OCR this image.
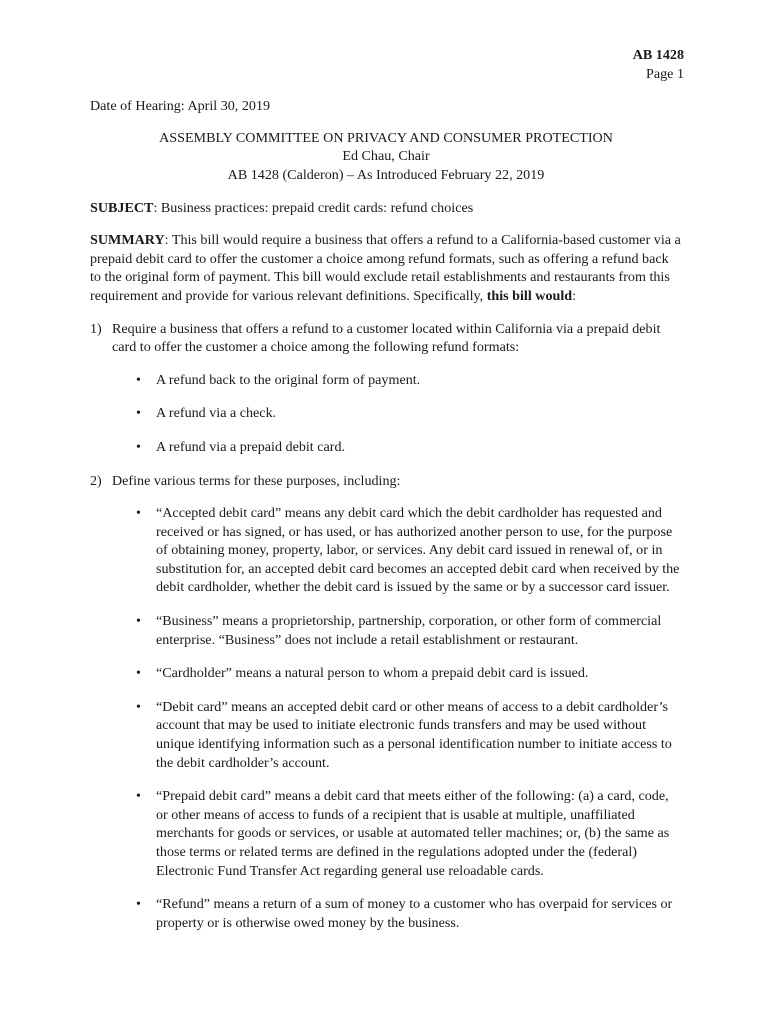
AB 1428
Page 1
Date of Hearing: April 30, 2019
ASSEMBLY COMMITTEE ON PRIVACY AND CONSUMER PROTECTION
Ed Chau, Chair
AB 1428 (Calderon) – As Introduced February 22, 2019
SUBJECT: Business practices: prepaid credit cards: refund choices
SUMMARY: This bill would require a business that offers a refund to a California-based customer via a prepaid debit card to offer the customer a choice among refund formats, such as offering a refund back to the original form of payment. This bill would exclude retail establishments and restaurants from this requirement and provide for various relevant definitions. Specifically, this bill would:
1) Require a business that offers a refund to a customer located within California via a prepaid debit card to offer the customer a choice among the following refund formats:
• A refund back to the original form of payment.
• A refund via a check.
• A refund via a prepaid debit card.
2) Define various terms for these purposes, including:
• “Accepted debit card” means any debit card which the debit cardholder has requested and received or has signed, or has used, or has authorized another person to use, for the purpose of obtaining money, property, labor, or services. Any debit card issued in renewal of, or in substitution for, an accepted debit card becomes an accepted debit card when received by the debit cardholder, whether the debit card is issued by the same or by a successor card issuer.
• “Business” means a proprietorship, partnership, corporation, or other form of commercial enterprise. “Business” does not include a retail establishment or restaurant.
• “Cardholder” means a natural person to whom a prepaid debit card is issued.
• “Debit card” means an accepted debit card or other means of access to a debit cardholder’s account that may be used to initiate electronic funds transfers and may be used without unique identifying information such as a personal identification number to initiate access to the debit cardholder’s account.
• “Prepaid debit card” means a debit card that meets either of the following: (a) a card, code, or other means of access to funds of a recipient that is usable at multiple, unaffiliated merchants for goods or services, or usable at automated teller machines; or, (b) the same as those terms or related terms are defined in the regulations adopted under the (federal) Electronic Fund Transfer Act regarding general use reloadable cards.
• “Refund” means a return of a sum of money to a customer who has overpaid for services or property or is otherwise owed money by the business.
